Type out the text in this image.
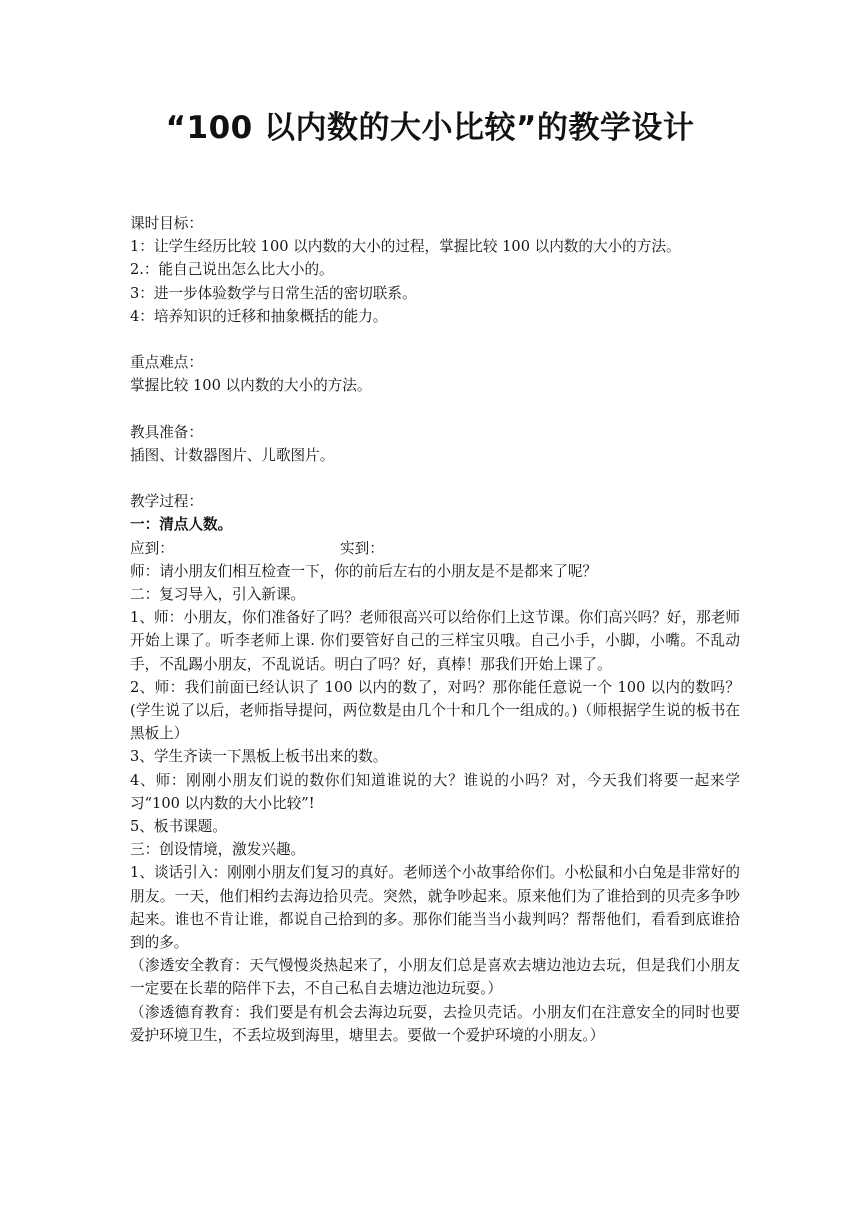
“100 以内数的大小比较”的教学设计

课时目标：

1：让学生经历比较 100 以内数的大小的过程，掌握比较 100 以内数的大小的方法。

2.：能自己说出怎么比大小的。

3：进一步体验数学与日常生活的密切联系。

4：培养知识的迁移和抽象概括的能力。

重点难点：

掌握比较 100 以内数的大小的方法。

教具准备：

插图、计数器图片、儿歌图片。

教学过程：

一：清点人数。

应到：	实到：

师：请小朋友们相互检查一下，你的前后左右的小朋友是不是都来了呢？

二：复习导入，引入新课。

1、师：小朋友，你们准备好了吗？老师很高兴可以给你们上这节课。你们高兴吗？好，那老师开始上课了。听李老师上课. 你们要管好自己的三样宝贝哦。自己小手，小脚，小嘴。不乱动手，不乱踢小朋友，不乱说话。明白了吗？好，真棒！那我们开始上课了。

2、师：我们前面已经认识了 100 以内的数了，对吗？那你能任意说一个 100 以内的数吗？(学生说了以后，老师指导提问，两位数是由几个十和几个一组成的。)（师根据学生说的板书在黑板上）

3、学生齐读一下黑板上板书出来的数。

4、师：刚刚小朋友们说的数你们知道谁说的大？谁说的小吗？对，今天我们将要一起来学习“100 以内数的大小比较”!

5、板书课题。

三：创设情境，激发兴趣。

1、谈话引入：刚刚小朋友们复习的真好。老师送个小故事给你们。小松鼠和小白兔是非常好的朋友。一天，他们相约去海边拾贝壳。突然，就争吵起来。原来他们为了谁拾到的贝壳多争吵起来。谁也不肯让谁，都说自己拾到的多。那你们能当当小裁判吗？帮帮他们，看看到底谁拾到的多。

（渗透安全教育：天气慢慢炎热起来了，小朋友们总是喜欢去塘边池边去玩，但是我们小朋友一定要在长辈的陪伴下去，不自己私自去塘边池边玩耍。）

（渗透德育教育：我们要是有机会去海边玩耍，去捡贝壳话。小朋友们在注意安全的同时也要爱护环境卫生，不丢垃圾到海里，塘里去。要做一个爱护环境的小朋友。）
